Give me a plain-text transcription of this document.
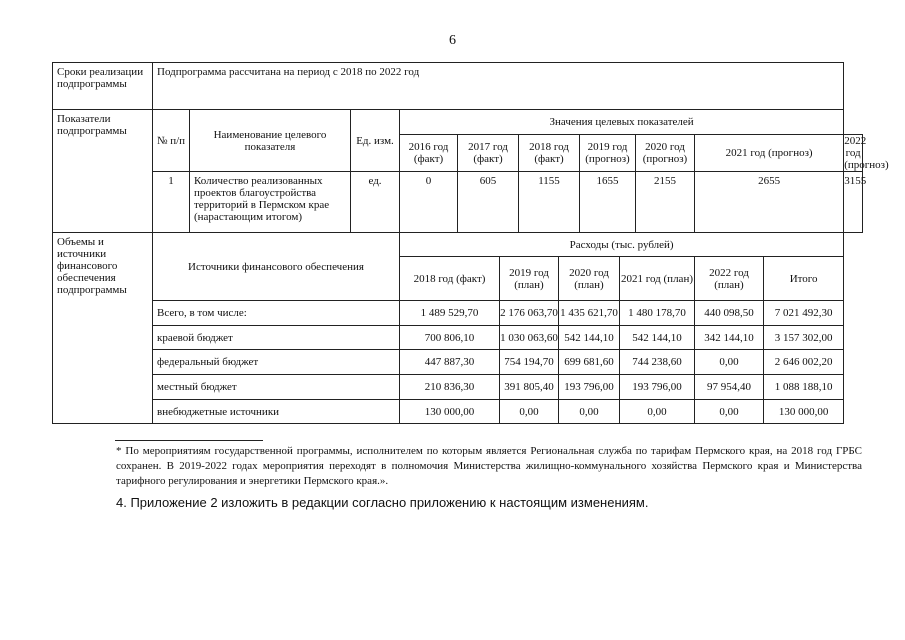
6
Сроки реализации подпрограммы	Подпрограмма рассчитана на период с 2018 по 2022 год													
Показатели подпрограммы	№ п/п	Наименование целевого показателя	Ед. изм.	Значения целевых показателей										
				2016 год (факт)	2017 год (факт)		2018 год (факт)		2019 год (прогноз)		2020 год (прогноз)	2021 год (прогноз)		2022 год (прогноз)
	1	Количество реализованных проектов благоустройства территорий в Пермском крае (нарастающим итогом)	ед.	0	605		1155		1655		2155	2655		3155
Объемы и источники финансового обеспечения подпрограммы	Источники финансового обеспечения			Расходы (тыс. рублей)										
				2018 год (факт)		2019 год (план)		2020 год (план)		2021 год (план)		2022 год (план)	Итого	

	Всего, в том числе:			1 489 529,70		2 176 063,70		1 435 621,70		1 480 178,70		440 098,50	7 021 492,30	
	краевой бюджет			700 806,10		1 030 063,60		542 144,10		542 144,10		342 144,10	3 157 302,00	
	федеральный бюджет			447 887,30		754 194,70		699 681,60		744 238,60		0,00	2 646 002,20	
	местный бюджет			210 836,30		391 805,40		193 796,00		193 796,00		97 954,40	1 088 188,10	
	внебюджетные источники			130 000,00		0,00		0,00		0,00		0,00	130 000,00	

* По мероприятиям государственной программы, исполнителем по которым является Региональная служба по тарифам Пермского края, на 2018 год ГРБС сохранен. В 2019-2022 годах мероприятия переходят в полномочия Министерства жилищно-коммунального хозяйства Пермского края и Министерства тарифного регулирования и энергетики Пермского края.».

4. Приложение 2 изложить в редакции согласно приложению к настоящим изменениям.
